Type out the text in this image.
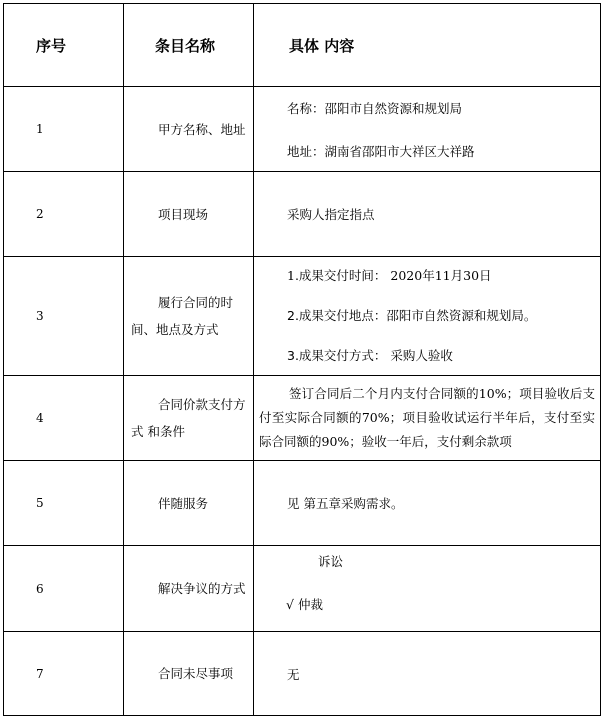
序号	条目名称	具体 内容
1	甲方名称、地址	名称：邵阳市自然资源和规划局
地址：湖南省邵阳市大祥区大祥路

2	项目现场	采购人指定指点

3	履行合同的时间、地点及方式	1.成果交付时间： 2020年11月30日
2.成果交付地点：邵阳市自然资源和规划局。
3.成果交付方式： 采购人验收

4	合同价款支付方式 和条件	签订合同后二个月内支付合同额的10%；项目验收后支付至实际合同额的70%；项目验收试运行半年后，支付至实际合同额的90%；验收一年后，支付剩余款项

5	伴随服务	见 第五章采购需求。

6	解决争议的方式	诉讼
√ 仲裁

7	合同未尽事项	无
